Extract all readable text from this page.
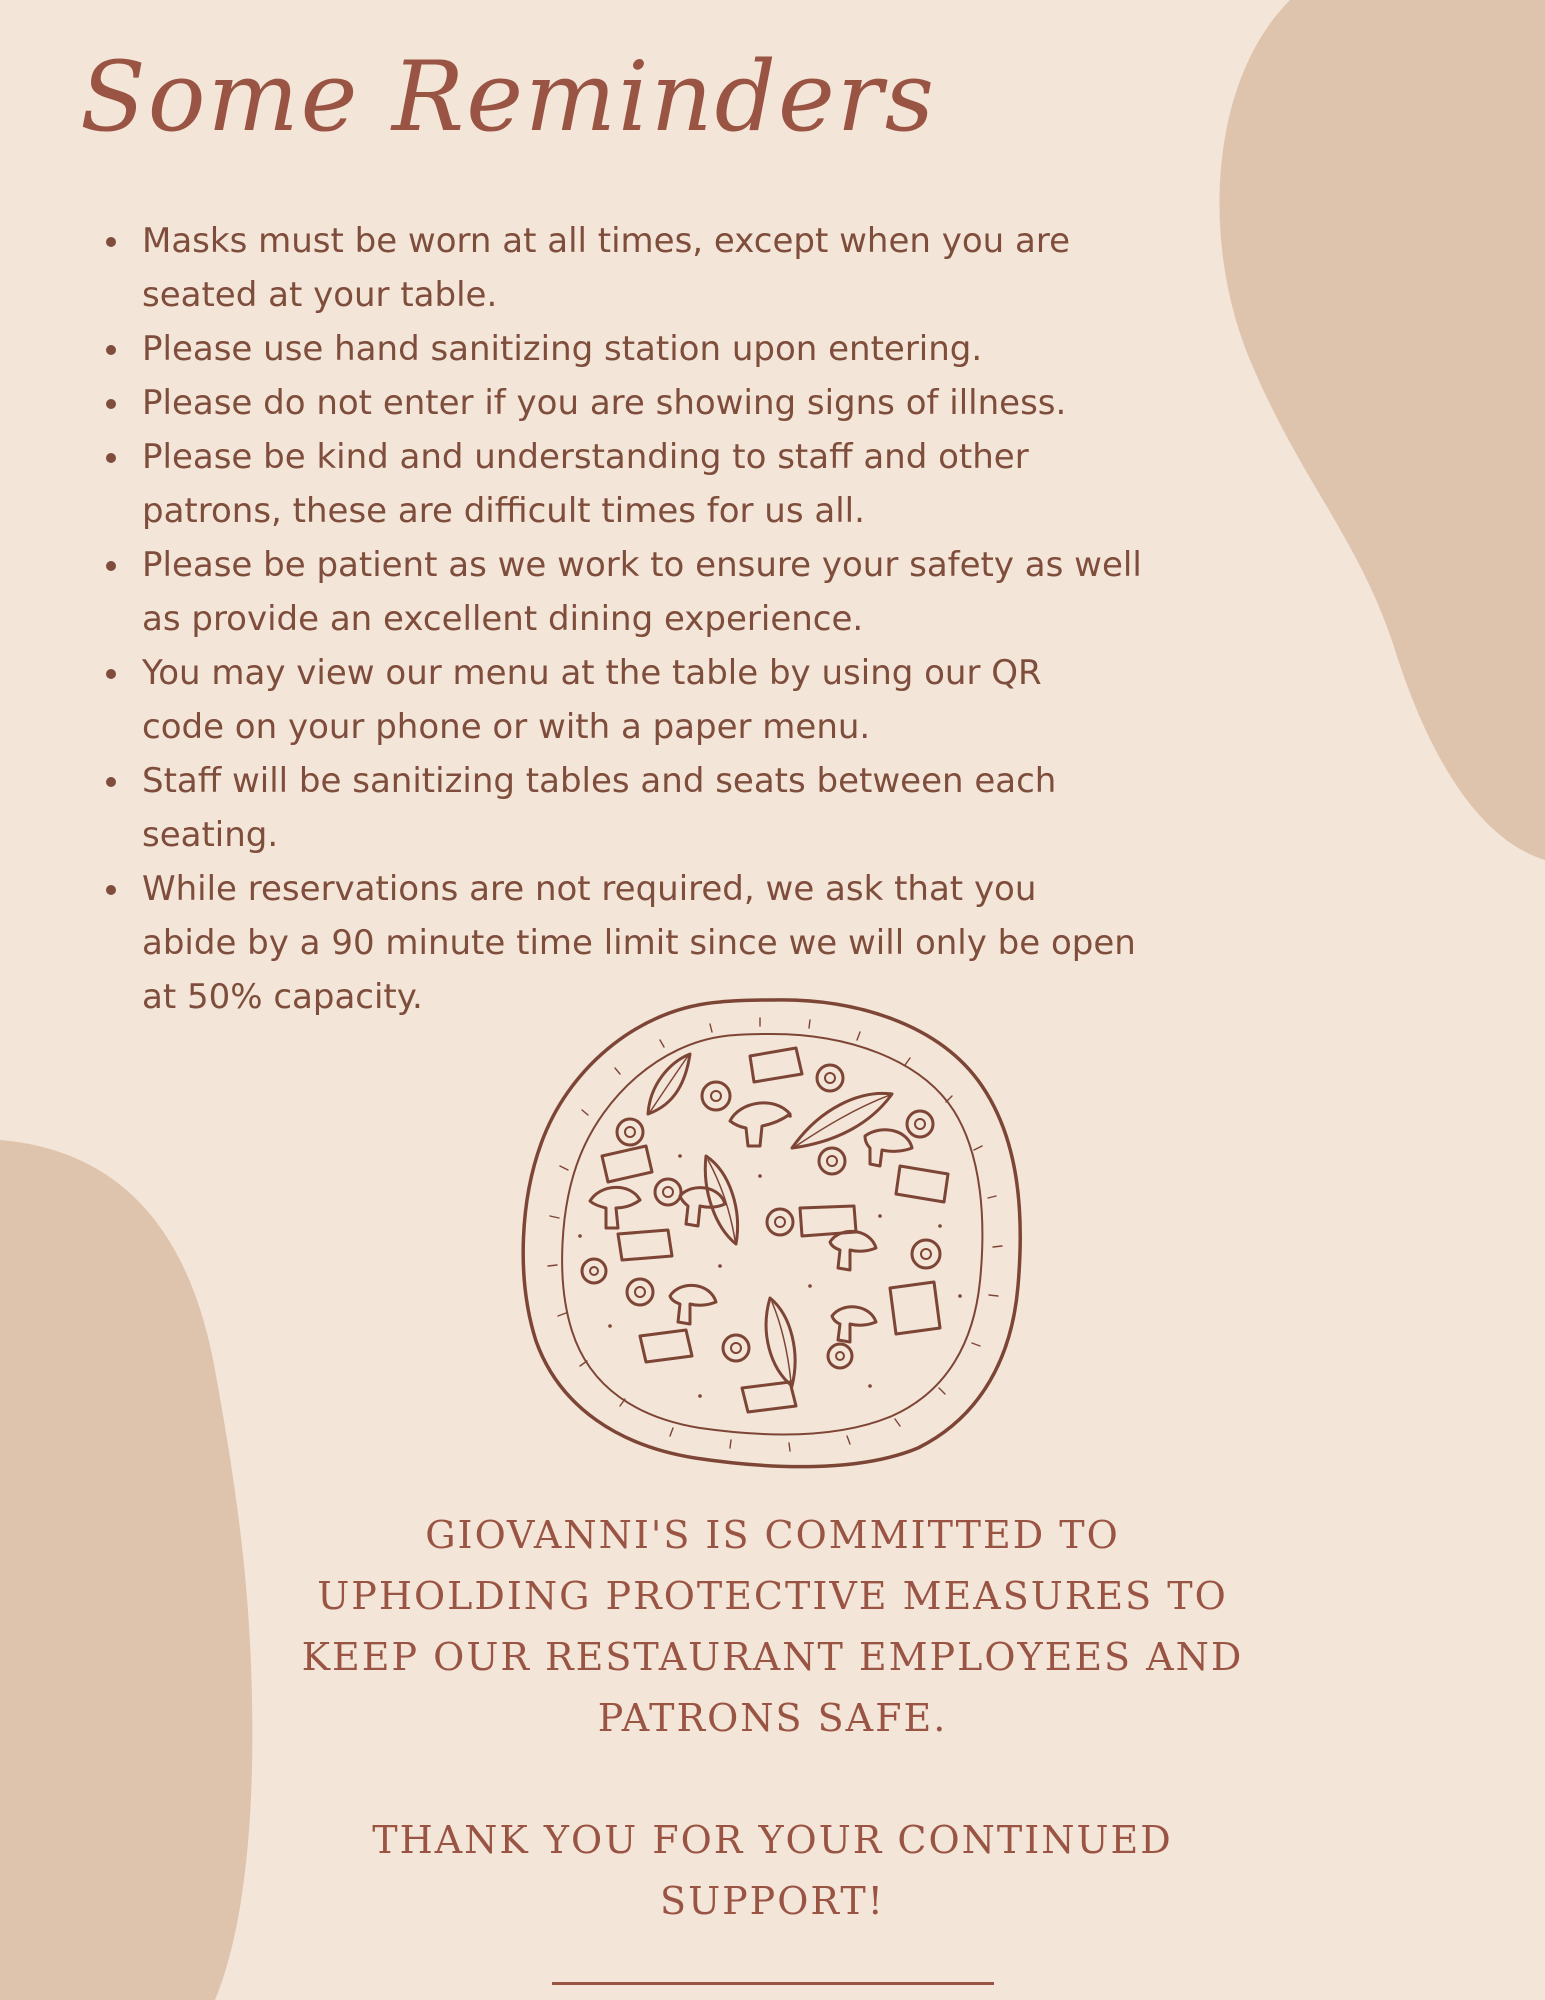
Some Reminders
Masks must be worn at all times, except when you are
seated at your table.
Please use hand sanitizing station upon entering.
Please do not enter if you are showing signs of illness.
Please be kind and understanding to staff and other
patrons, these are difficult times for us all.
Please be patient as we work to ensure your safety as well
as provide an excellent dining experience.
You may view our menu at the table by using our QR
code on your phone or with a paper menu.
Staff will be sanitizing tables and seats between each
seating.
While reservations are not required, we ask that you
abide by a 90 minute time limit since we will only be open
at 50% capacity.

GIOVANNI'S IS COMMITTED TO
UPHOLDING PROTECTIVE MEASURES TO
KEEP OUR RESTAURANT EMPLOYEES AND
PATRONS SAFE.

THANK YOU FOR YOUR CONTINUED
SUPPORT!
